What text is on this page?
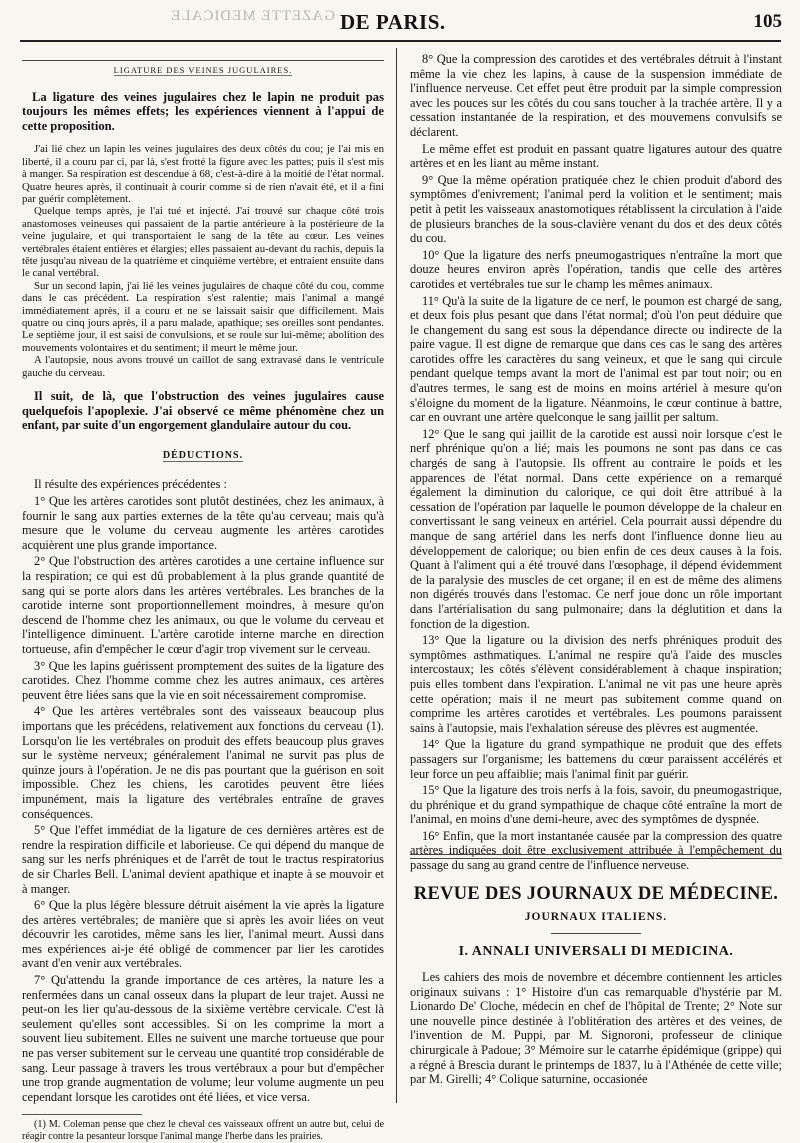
GAZETTE MEDICALE DE PARIS.	105
LIGATURE DES VEINES JUGULAIRES.

La ligature des veines jugulaires chez le lapin ne produit pas toujours les mêmes effets; les expériences viennent à l'appui de cette proposition.

J'ai lié chez un lapin les veines jugulaires des deux côtés du cou; je l'ai mis en liberté, il a couru par ci, par là, s'est frotté la figure avec les pattes; puis il s'est mis à manger. Sa respiration est descendue à 68, c'est-à-dire à la moitié de l'état normal. Quatre heures après, il continuait à courir comme si de rien n'avait été, et il a fini par guérir complètement.

Quelque temps après, je l'ai tué et injecté. J'ai trouvé sur chaque côté trois anastomoses veineuses qui passaient de la partie antérieure à la postérieure de la veine jugulaire, et qui transportaient le sang de la tête au cœur. Les veines vertébrales étaient entières et élargies; elles passaient au-devant du rachis, depuis la tête jusqu'au niveau de la quatrième et cinquième vertèbre, et entraient ensuite dans le canal vertébral.

Sur un second lapin, j'ai lié les veines jugulaires de chaque côté du cou, comme dans le cas précédent. La respiration s'est ralentie; mais l'animal a mangé immédiatement après, il a couru et ne se laissait saisir que difficilement. Mais quatre ou cinq jours après, il a paru malade, apathique; ses oreilles sont pendantes. Le septième jour, il est saisi de convulsions, et se roule sur lui-même; abolition des mouvements volontaires et du sentiment; il meurt le même jour.

A l'autopsie, nous avons trouvé un caillot de sang extravasé dans le ventricule gauche du cerveau.

Il suit, de là, que l'obstruction des veines jugulaires cause quelquefois l'apoplexie. J'ai observé ce même phénomène chez un enfant, par suite d'un engorgement glandulaire autour du cou.

DÉDUCTIONS.

Il résulte des expériences précédentes :

1° Que les artères carotides sont plutôt destinées, chez les animaux, à fournir le sang aux parties externes de la tête qu'au cerveau; mais qu'à mesure que le volume du cerveau augmente les artères carotides acquièrent une plus grande importance.

2° Que l'obstruction des artères carotides a une certaine influence sur la respiration; ce qui est dû probablement à la plus grande quantité de sang qui se porte alors dans les artères vertébrales. Les branches de la carotide interne sont proportionnellement moindres, à mesure qu'on descend de l'homme chez les animaux, ou que le volume du cerveau et l'intelligence diminuent. L'artère carotide interne marche en direction tortueuse, afin d'empêcher le cœur d'agir trop vivement sur le cerveau.

3° Que les lapins guérissent promptement des suites de la ligature des carotides. Chez l'homme comme chez les autres animaux, ces artères peuvent être liées sans que la vie en soit nécessairement compromise.

4° Que les artères vertébrales sont des vaisseaux beaucoup plus importans que les précédens, relativement aux fonctions du cerveau (1). Lorsqu'on lie les vertébrales on produit des effets beaucoup plus graves sur le système nerveux; généralement l'animal ne survit pas plus de quinze jours à l'opération. Je ne dis pas pourtant que la guérison en soit impossible. Chez les chiens, les carotides peuvent être liées impunément, mais la ligature des vertébrales entraîne de graves conséquences.

5° Que l'effet immédiat de la ligature de ces dernières artères est de rendre la respiration difficile et laborieuse. Ce qui dépend du manque de sang sur les nerfs phréniques et de l'arrêt de tout le tractus respiratorius de sir Charles Bell. L'animal devient apathique et inapte à se mouvoir et à manger.

6° Que la plus légère blessure détruit aisément la vie après la ligature des artères vertébrales; de manière que si après les avoir liées on veut découvrir les carotides, même sans les lier, l'animal meurt. Aussi dans mes expériences ai-je été obligé de commencer par lier les carotides avant d'en venir aux vertébrales.

7° Qu'attendu la grande importance de ces artères, la nature les a renfermées dans un canal osseux dans la plupart de leur trajet. Aussi ne peut-on les lier qu'au-dessous de la sixième vertèbre cervicale. C'est là seulement qu'elles sont accessibles. Si on les comprime la mort a souvent lieu subitement. Elles ne suivent une marche tortueuse que pour ne pas verser subitement sur le cerveau une quantité trop considérable de sang. Leur passage à travers les trous vertébraux a pour but d'empêcher une trop grande augmentation de volume; leur volume augmente un peu cependant lorsque les carotides ont été liées, et vice versa.

(1) M. Coleman pense que chez le cheval ces vaisseaux offrent un autre but, celui de réagir contre la pesanteur lorsque l'animal mange l'herbe dans les prairies.

8° Que la compression des carotides et des vertébrales détruit à l'instant même la vie chez les lapins, à cause de la suspension immédiate de l'influence nerveuse. Cet effet peut être produit par la simple compression avec les pouces sur les côtés du cou sans toucher à la trachée artère. Il y a cessation instantanée de la respiration, et des mouvemens convulsifs se déclarent.

Le même effet est produit en passant quatre ligatures autour des quatre artères et en les liant au même instant.

9° Que la même opération pratiquée chez le chien produit d'abord des symptômes d'enivrement; l'animal perd la volition et le sentiment; mais petit à petit les vaisseaux anastomotiques rétablissent la circulation à l'aide de plusieurs branches de la sous-clavière venant du dos et des deux côtés du cou.

10° Que la ligature des nerfs pneumogastriques n'entraîne la mort que douze heures environ après l'opération, tandis que celle des artères carotides et vertébrales tue sur le champ les mêmes animaux.

11° Qu'à la suite de la ligature de ce nerf, le poumon est chargé de sang, et deux fois plus pesant que dans l'état normal; d'où l'on peut déduire que le changement du sang est sous la dépendance directe ou indirecte de la paire vague. Il est digne de remarque que dans ces cas le sang des artères carotides offre les caractères du sang veineux, et que le sang qui circule pendant quelque temps avant la mort de l'animal est par tout noir; ou en d'autres termes, le sang est de moins en moins artériel à mesure qu'on s'éloigne du moment de la ligature. Néanmoins, le cœur continue à battre, car en ouvrant une artère quelconque le sang jaillit per saltum.

12° Que le sang qui jaillit de la carotide est aussi noir lorsque c'est le nerf phrénique qu'on a lié; mais les poumons ne sont pas dans ce cas chargés de sang à l'autopsie. Ils offrent au contraire le poids et les apparences de l'état normal. Dans cette expérience on a remarqué également la diminution du calorique, ce qui doit être attribué à la cessation de l'opération par laquelle le poumon développe de la chaleur en convertissant le sang veineux en artériel. Cela pourrait aussi dépendre du manque de sang artériel dans les nerfs dont l'influence donne lieu au développement de calorique; ou bien enfin de ces deux causes à la fois. Quant à l'aliment qui a été trouvé dans l'œsophage, il dépend évidemment de la paralysie des muscles de cet organe; il en est de même des alimens non digérés trouvés dans l'estomac. Ce nerf joue donc un rôle important dans l'artérialisation du sang pulmonaire; dans la déglutition et dans la fonction de la digestion.

13° Que la ligature ou la division des nerfs phréniques produit des symptômes asthmatiques. L'animal ne respire qu'à l'aide des muscles intercostaux; les côtés s'élèvent considérablement à chaque inspiration; puis elles tombent dans l'expiration. L'animal ne vit pas une heure après cette opération; mais il ne meurt pas subitement comme quand on comprime les artères carotides et vertébrales. Les poumons paraissent sains à l'autopsie, mais l'exhalation séreuse des plèvres est augmentée.

14° Que la ligature du grand sympathique ne produit que des effets passagers sur l'organisme; les battemens du cœur paraissent accélérés et leur force un peu affaiblie; mais l'animal finit par guérir.

15° Que la ligature des trois nerfs à la fois, savoir, du pneumogastrique, du phrénique et du grand sympathique de chaque côté entraîne la mort de l'animal, en moins d'une demi-heure, avec des symptômes de dyspnée.

16° Enfin, que la mort instantanée causée par la compression des quatre artères indiquées doit être exclusivement attribuée à l'empêchement du passage du sang au grand centre de l'influence nerveuse.

REVUE DES JOURNAUX DE MÉDECINE.
JOURNAUX ITALIENS.
I. ANNALI UNIVERSALI DI MEDICINA.

Les cahiers des mois de novembre et décembre contiennent les articles originaux suivans : 1° Histoire d'un cas remarquable d'hystérie par M. Lionardo De' Cloche, médecin en chef de l'hôpital de Trente; 2° Note sur une nouvelle pince destinée à l'oblitération des artères et des veines, de l'invention de M. Puppi, par M. Signoroni, professeur de clinique chirurgicale à Padoue; 3° Mémoire sur le catarrhe épidémique (grippe) qui a régné à Brescia durant le printemps de 1837, lu à l'Athénée de cette ville; par M. Girelli; 4° Colique saturnine, occasionée
